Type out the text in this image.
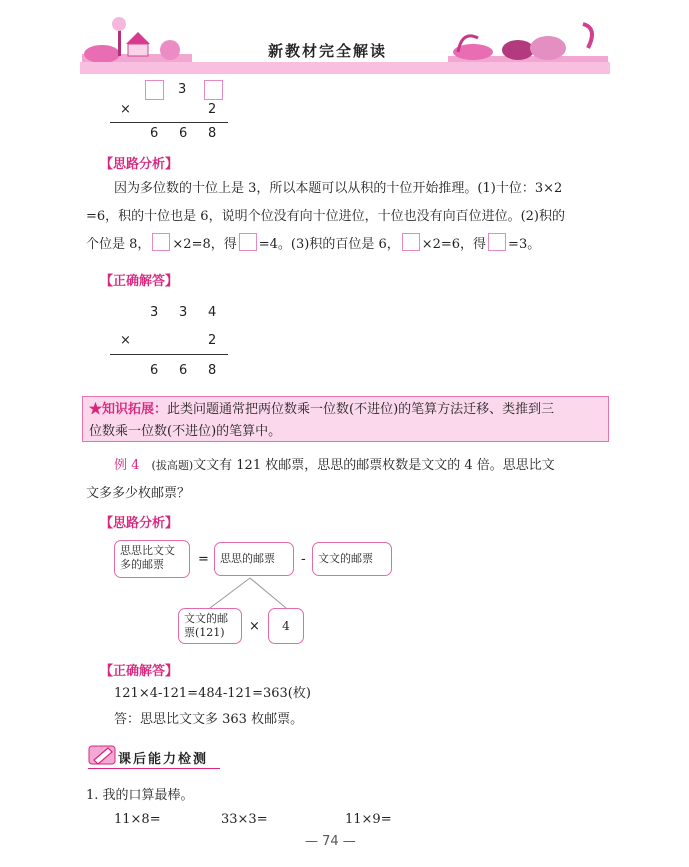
新教材完全解读
3
×	2
6 6 8
【思路分析】
因为多位数的十位上是 3，所以本题可以从积的十位开始推理。(1)十位：3×2
=6，积的十位也是 6，说明个位没有向十位进位，十位也没有向百位进位。(2)积的
个位是 8， ×2=8，得 =4。(3)积的百位是 6， ×2=6，得 =3。
【正确解答】
3 3 4
×	2
6 6 8
★知识拓展：此类问题通常把两位数乘一位数(不进位)的笔算方法迁移、类推到三
位数乘一位数(不进位)的笔算中。
例 4 (拔高题)文文有 121 枚邮票，思思的邮票枚数是文文的 4 倍。思思比文
文多多少枚邮票？
【思路分析】
思思比文文多的邮票	=	思思的邮票	-	文文的邮票
文文的邮票(121)	×	4
【正确解答】
121×4-121=484-121=363(枚)
答：思思比文文多 363 枚邮票。
课后能力检测
1. 我的口算最棒。
11×8=	33×3=	11×9=
— 74 —
